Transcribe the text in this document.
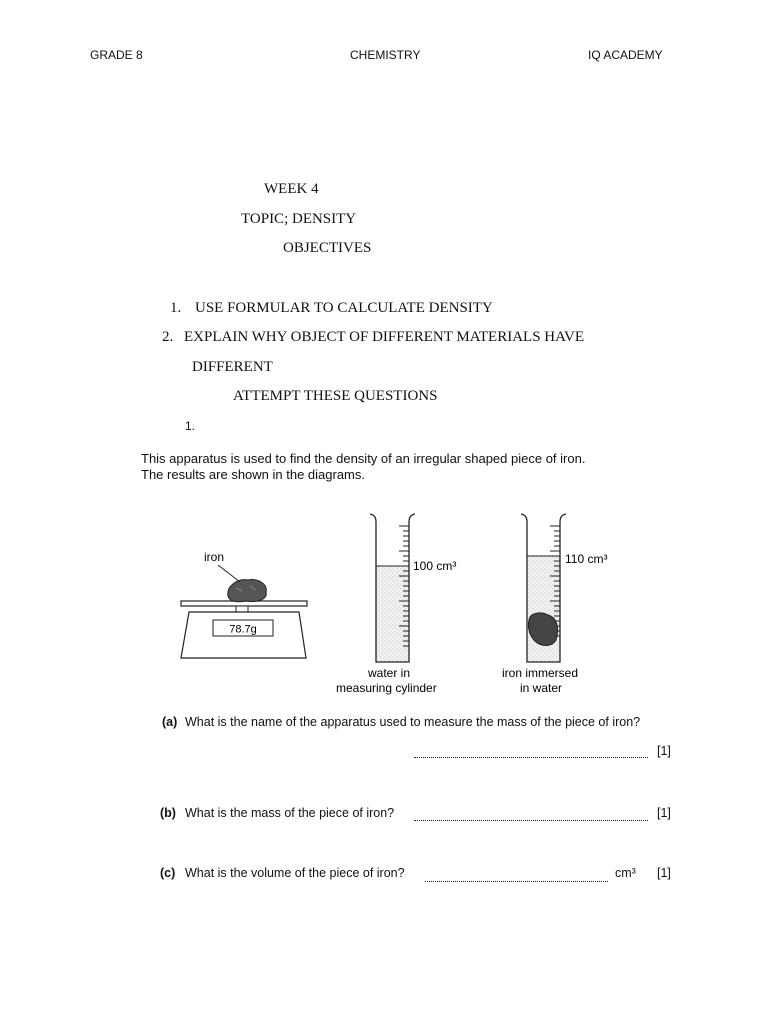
GRADE 8	CHEMISTRY	IQ ACADEMY
WEEK 4
TOPIC; DENSITY
OBJECTIVES
1. USE FORMULAR TO CALCULATE DENSITY
2. EXPLAIN WHY OBJECT OF DIFFERENT MATERIALS HAVE
DIFFERENT
ATTEMPT THESE QUESTIONS
1.
This apparatus is used to find the density of an irregular shaped piece of iron.
The results are shown in the diagrams.
78.7g
iron
100 cm³
water in
measuring cylinder
110 cm³
iron immersed
in water
(a) What is the name of the apparatus used to measure the mass of the piece of iron?
[1]
(b) What is the mass of the piece of iron?	[1]
(c) What is the volume of the piece of iron?	cm³ [1]
